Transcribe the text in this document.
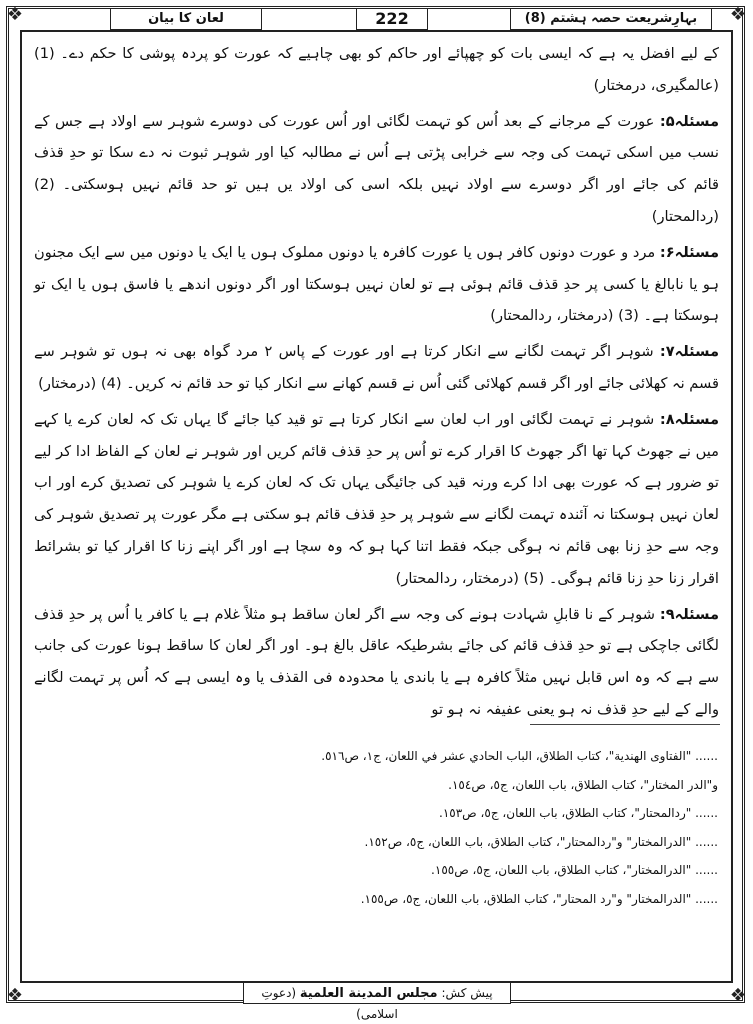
❖	❖
❖	❖
بہارِشریعت حصہ ہشتم (8)
222
لعان کا بیان

کے لیے افضل یہ ہے کہ ایسی بات کو چھپائے اور حاکم کو بھی چاہیے کہ عورت کو پردہ پوشی کا حکم دے۔ (1) (عالمگیری، درمختار)

مسئلہ۵: عورت کے مرجانے کے بعد اُس کو تہمت لگائی اور اُس عورت کی دوسرے شوہر سے اولاد ہے جس کے نسب میں اسکی تہمت کی وجہ سے خرابی پڑتی ہے اُس نے مطالبہ کیا اور شوہر ثبوت نہ دے سکا تو حدِ قذف قائم کی جائے اور اگر دوسرے سے اولاد نہیں بلکہ اسی کی اولاد یں ہیں تو حد قائم نہیں ہوسکتی۔ (2) (ردالمحتار)

مسئلہ۶: مرد و عورت دونوں کافر ہوں یا عورت کافرہ یا دونوں مملوک ہوں یا ایک یا دونوں میں سے ایک مجنون ہو یا نابالغ یا کسی پر حدِ قذف قائم ہوئی ہے تو لعان نہیں ہوسکتا اور اگر دونوں اندھے یا فاسق ہوں یا ایک تو ہوسکتا ہے۔ (3) (درمختار، ردالمحتار)

مسئلہ۷: شوہر اگر تہمت لگانے سے انکار کرتا ہے اور عورت کے پاس ۲ مرد گواہ بھی نہ ہوں تو شوہر سے قسم نہ کھلائی جائے اور اگر قسم کھلائی گئی اُس نے قسم کھانے سے انکار کیا تو حد قائم نہ کریں۔ (4) (درمختار)

مسئلہ۸: شوہر نے تہمت لگائی اور اب لعان سے انکار کرتا ہے تو قید کیا جائے گا یہاں تک کہ لعان کرے یا کہے میں نے جھوٹ کہا تھا اگر جھوٹ کا اقرار کرے تو اُس پر حدِ قذف قائم کریں اور شوہر نے لعان کے الفاظ ادا کر لیے تو ضرور ہے کہ عورت بھی ادا کرے ورنہ قید کی جائیگی یہاں تک کہ لعان کرے یا شوہر کی تصدیق کرے اور اب لعان نہیں ہوسکتا نہ آئندہ تہمت لگانے سے شوہر پر حدِ قذف قائم ہو سکتی ہے مگر عورت پر تصدیق شوہر کی وجہ سے حدِ زنا بھی قائم نہ ہوگی جبکہ فقط اتنا کہا ہو کہ وہ سچا ہے اور اگر اپنے زنا کا اقرار کیا تو بشرائط اقرار زنا حدِ زنا قائم ہوگی۔ (5) (درمختار، ردالمحتار)

مسئلہ۹: شوہر کے نا قابلِ شہادت ہونے کی وجہ سے اگر لعان ساقط ہو مثلاً غلام ہے یا کافر یا اُس پر حدِ قذف لگائی جاچکی ہے تو حدِ قذف قائم کی جائے بشرطیکہ عاقل بالغ ہو۔ اور اگر لعان کا ساقط ہونا عورت کی جانب سے ہے کہ وہ اس قابل نہیں مثلاً کافرہ ہے یا باندی یا محدودہ فی القذف یا وہ ایسی ہے کہ اُس پر تہمت لگانے والے کے لیے حدِ قذف نہ ہو یعنی عفیفہ نہ ہو تو

...... "الفتاوى الهندية"، كتاب الطلاق، الباب الحادي عشر في اللعان، ج١، ص٥١٦.
و"الدر المختار"، كتاب الطلاق، باب اللعان، ج٥، ص١٥٤.
...... "ردالمحتار"، كتاب الطلاق، باب اللعان، ج٥، ص١٥٣.
...... "الدرالمختار" و"ردالمحتار"، كتاب الطلاق، باب اللعان، ج٥، ص١٥٢.
...... "الدرالمختار"، كتاب الطلاق، باب اللعان، ج٥، ص١٥٥.
...... "الدرالمختار" و"رد المحتار"، كتاب الطلاق، باب اللعان، ج٥، ص١٥٥.
پیش کش: مجلس المدينة العلمية (دعوتِ اسلامی)
